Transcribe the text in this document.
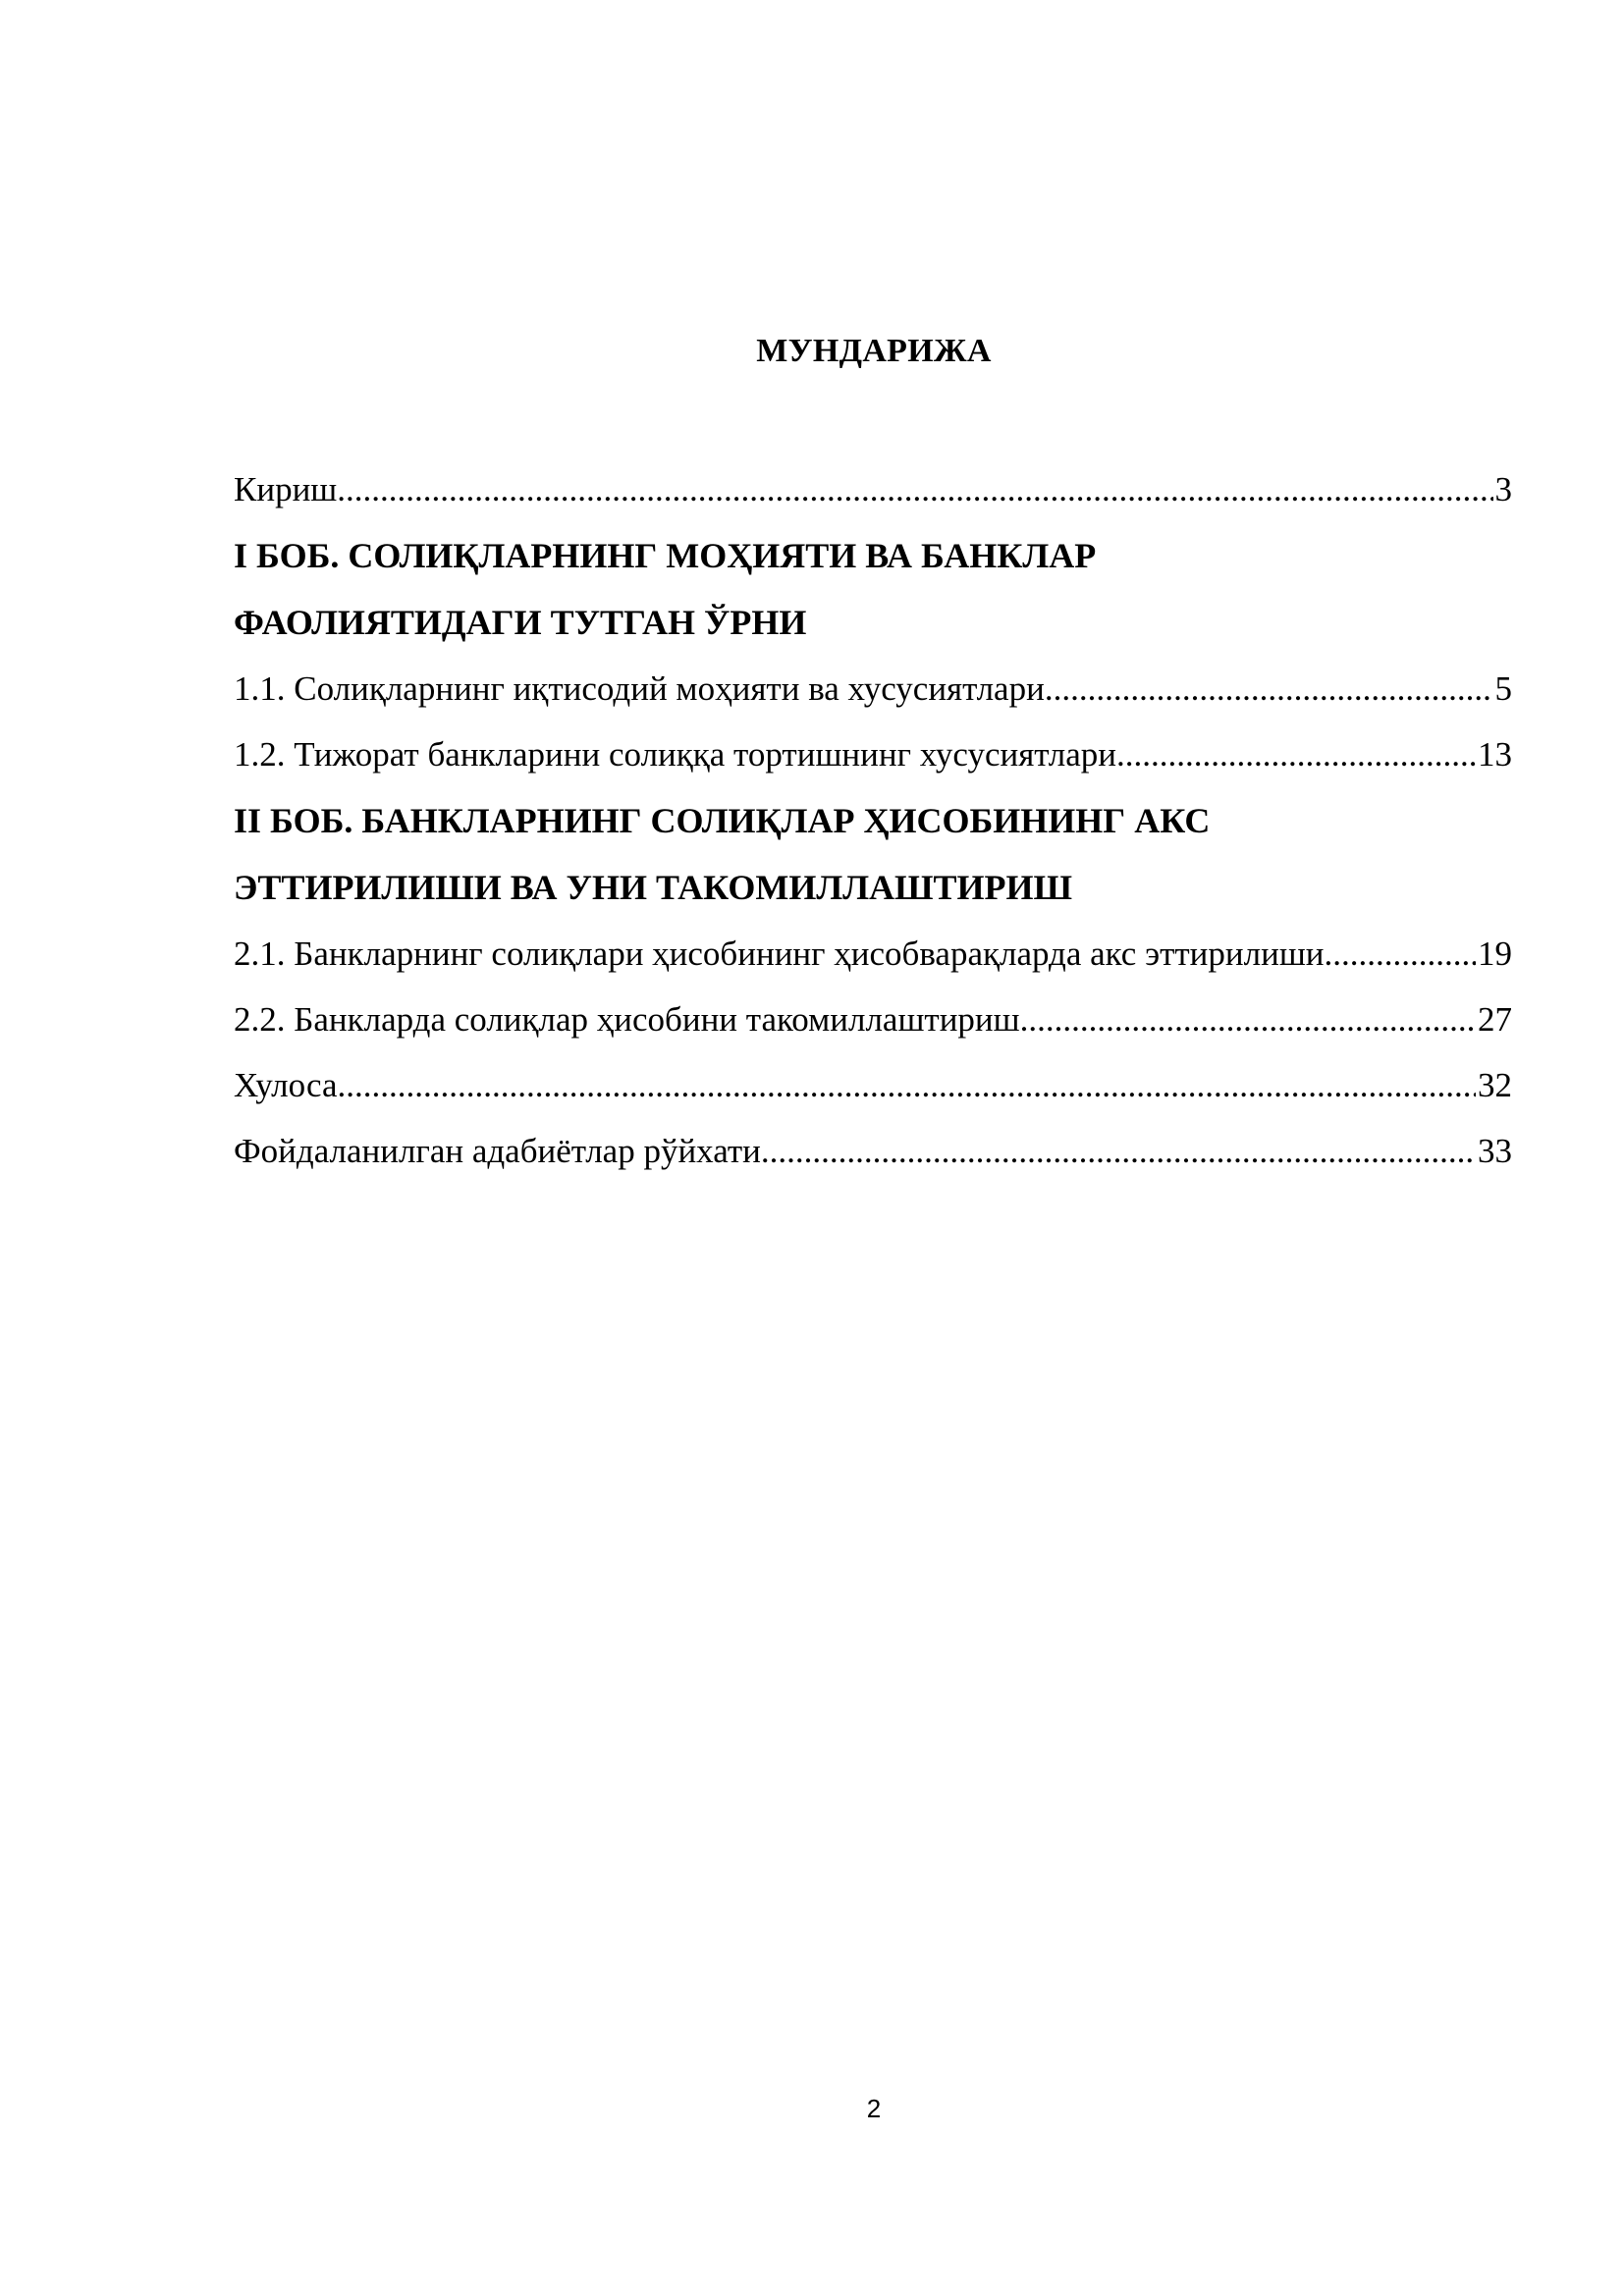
МУНДАРИЖА
Кириш .....	3
I БОБ. СОЛИҚЛАРНИНГ МОҲИЯТИ ВА БАНКЛАР
ФАОЛИЯТИДАГИ ТУТГАН ЎРНИ
1.1. Солиқларнинг иқтисодий моҳияти ва хусусиятлари .....	5
1.2. Тижорат банкларини солиққа тортишнинг хусусиятлари .....	13
II БОБ. БАНКЛАРНИНГ СОЛИҚЛАР ҲИСОБИНИНГ АКС
ЭТТИРИЛИШИ ВА УНИ ТАКОМИЛЛАШТИРИШ
2.1. Банкларнинг солиқлари ҳисобининг ҳисобварақларда акс эттирилиши .....	19
2.2. Банкларда солиқлар ҳисобини такомиллаштириш .....	27
Хулоса .....	32
Фойдаланилган адабиётлар рўйхати .....	33
2
